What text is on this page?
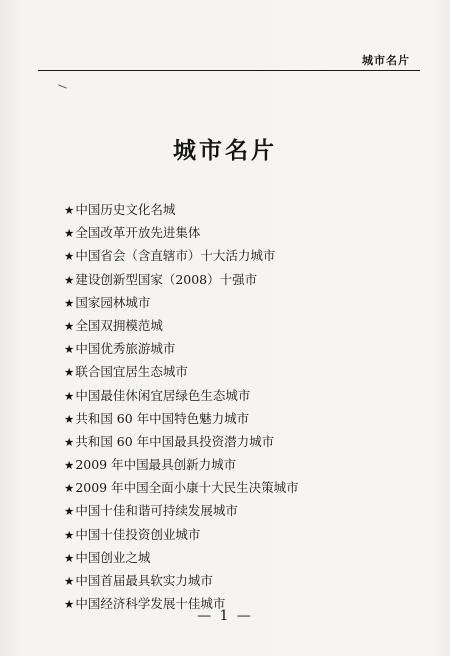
城市名片
城市名片
★中国历史文化名城
★全国改革开放先进集体
★中国省会（含直辖市）十大活力城市
★建设创新型国家（2008）十强市
★国家园林城市
★全国双拥模范城
★中国优秀旅游城市
★联合国宜居生态城市
★中国最佳休闲宜居绿色生态城市
★共和国 60 年中国特色魅力城市
★共和国 60 年中国最具投资潜力城市
★2009 年中国最具创新力城市
★2009 年中国全面小康十大民生决策城市
★中国十佳和谐可持续发展城市
★中国十佳投资创业城市
★中国创业之城
★中国首届最具软实力城市
★中国经济科学发展十佳城市
— 1 —
